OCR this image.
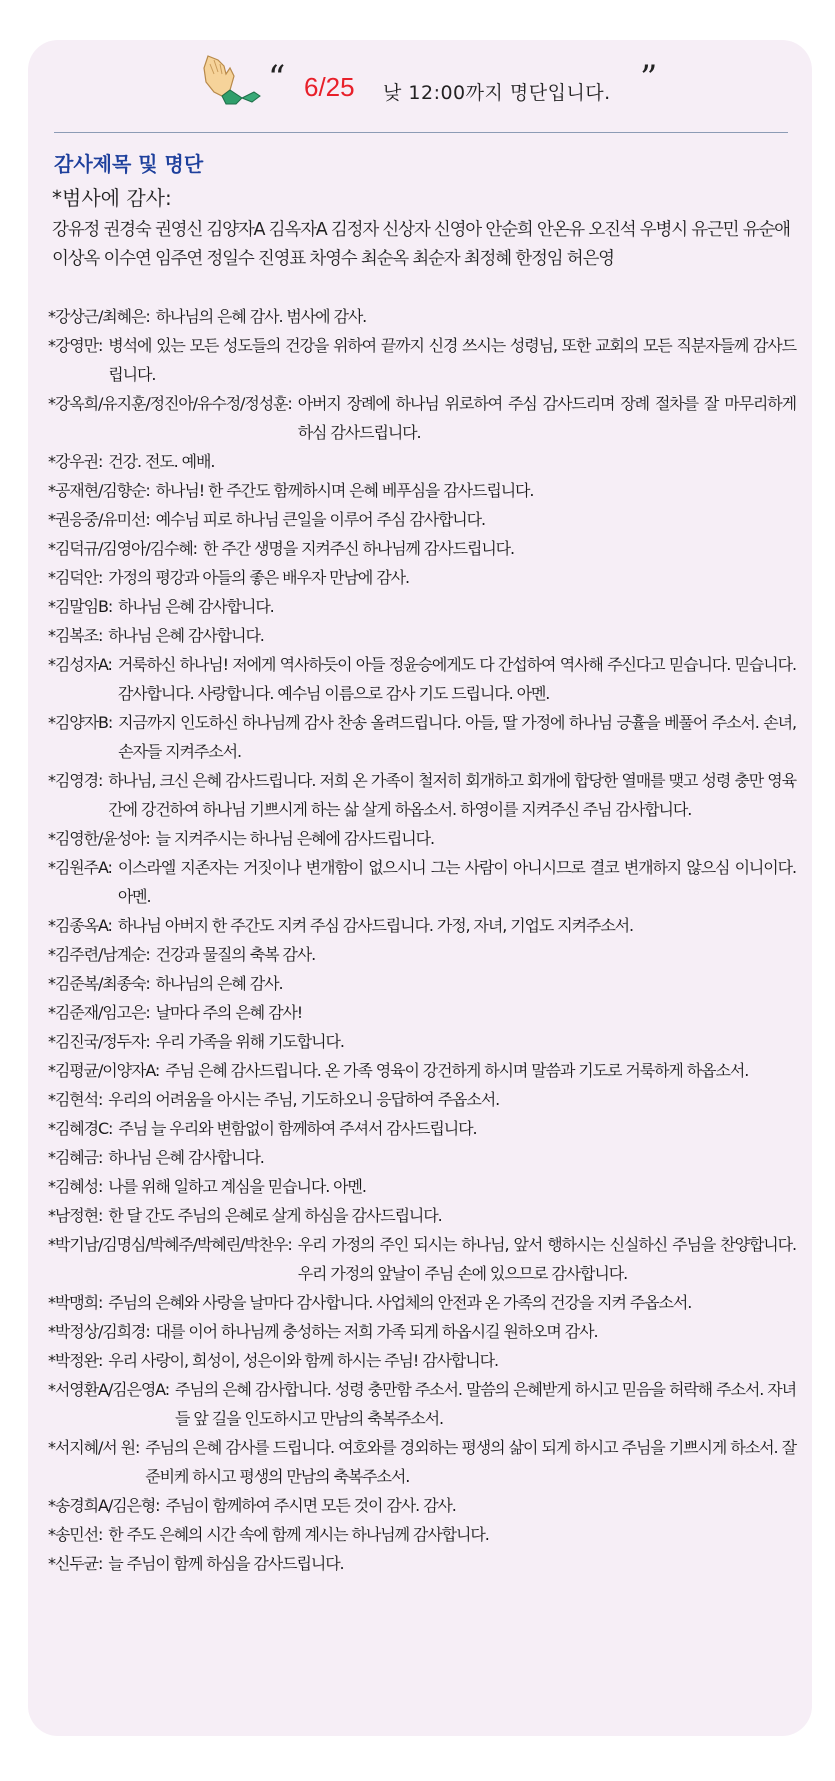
“ 6/25 낮 12:00까지 명단입니다. ”
감사제목 및 명단
*범사에 감사:
강유정 권경숙 권영신 김양자A 김옥자A 김정자 신상자 신영아 안순희 안온유 오진석 우병시 유근민 유순애
이상옥 이수연 임주연 정일수 진영표 차영수 최순옥 최순자 최정혜 한정임 허은영
*강상근/최혜은: 하나님의 은혜 감사. 범사에 감사.
*강영만: 병석에 있는 모든 성도들의 건강을 위하여 끝까지 신경 쓰시는 성령님, 또한 교회의 모든 직분자들께 감사드립니다.
*강옥희/유지훈/정진아/유수정/정성훈: 아버지 장례에 하나님 위로하여 주심 감사드리며 장례 절차를 잘 마무리하게 하심 감사드립니다.
*강우권: 건강. 전도. 예배.
*공재현/김향순: 하나님! 한 주간도 함께하시며 은혜 베푸심을 감사드립니다.
*권응중/유미선: 예수님 피로 하나님 큰일을 이루어 주심 감사합니다.
*김덕규/김영아/김수혜: 한 주간 생명을 지켜주신 하나님께 감사드립니다.
*김덕안: 가정의 평강과 아들의 좋은 배우자 만남에 감사.
*김말임B: 하나님 은혜 감사합니다.
*김복조: 하나님 은혜 감사합니다.
*김성자A: 거룩하신 하나님! 저에게 역사하듯이 아들 정윤승에게도 다 간섭하여 역사해 주신다고 믿습니다. 믿습니다. 감사합니다. 사랑합니다. 예수님 이름으로 감사 기도 드립니다. 아멘.
*김양자B: 지금까지 인도하신 하나님께 감사 찬송 올려드립니다. 아들, 딸 가정에 하나님 긍휼을 베풀어 주소서. 손녀, 손자들 지켜주소서.
*김영경: 하나님, 크신 은혜 감사드립니다. 저희 온 가족이 철저히 회개하고 회개에 합당한 열매를 맺고 성령 충만 영육 간에 강건하여 하나님 기쁘시게 하는 삶 살게 하옵소서. 하영이를 지켜주신 주님 감사합니다.
*김영한/윤성아: 늘 지켜주시는 하나님 은혜에 감사드립니다.
*김원주A: 이스라엘 지존자는 거짓이나 변개함이 없으시니 그는 사람이 아니시므로 결코 변개하지 않으심 이니이다. 아멘.
*김종옥A: 하나님 아버지 한 주간도 지켜 주심 감사드립니다. 가정, 자녀, 기업도 지켜주소서.
*김주련/남계순: 건강과 물질의 축복 감사.
*김준복/최종숙: 하나님의 은혜 감사.
*김준재/임고은: 날마다 주의 은혜 감사!
*김진국/정두자: 우리 가족을 위해 기도합니다.
*김평균/이양자A: 주님 은혜 감사드립니다. 온 가족 영육이 강건하게 하시며 말씀과 기도로 거룩하게 하옵소서.
*김현석: 우리의 어려움을 아시는 주님, 기도하오니 응답하여 주옵소서.
*김혜경C: 주님 늘 우리와 변함없이 함께하여 주셔서 감사드립니다.
*김혜금: 하나님 은혜 감사합니다.
*김혜성: 나를 위해 일하고 계심을 믿습니다. 아멘.
*남정현: 한 달 간도 주님의 은혜로 살게 하심을 감사드립니다.
*박기남/김명심/박혜주/박혜린/박찬우: 우리 가정의 주인 되시는 하나님, 앞서 행하시는 신실하신 주님을 찬양합니다. 우리 가정의 앞날이 주님 손에 있으므로 감사합니다.
*박맹희: 주님의 은혜와 사랑을 날마다 감사합니다. 사업체의 안전과 온 가족의 건강을 지켜 주옵소서.
*박정상/김희경: 대를 이어 하나님께 충성하는 저희 가족 되게 하옵시길 원하오며 감사.
*박정완: 우리 사랑이, 희성이, 성은이와 함께 하시는 주님! 감사합니다.
*서영환A/김은영A: 주님의 은혜 감사합니다. 성령 충만함 주소서. 말씀의 은혜받게 하시고 믿음을 허락해 주소서. 자녀들 앞 길을 인도하시고 만남의 축복주소서.
*서지혜/서 원: 주님의 은혜 감사를 드립니다. 여호와를 경외하는 평생의 삶이 되게 하시고 주님을 기쁘시게 하소서. 잘 준비케 하시고 평생의 만남의 축복주소서.
*송경희A/김은형: 주님이 함께하여 주시면 모든 것이 감사. 감사.
*송민선: 한 주도 은혜의 시간 속에 함께 계시는 하나님께 감사합니다.
*신두균: 늘 주님이 함께 하심을 감사드립니다.
